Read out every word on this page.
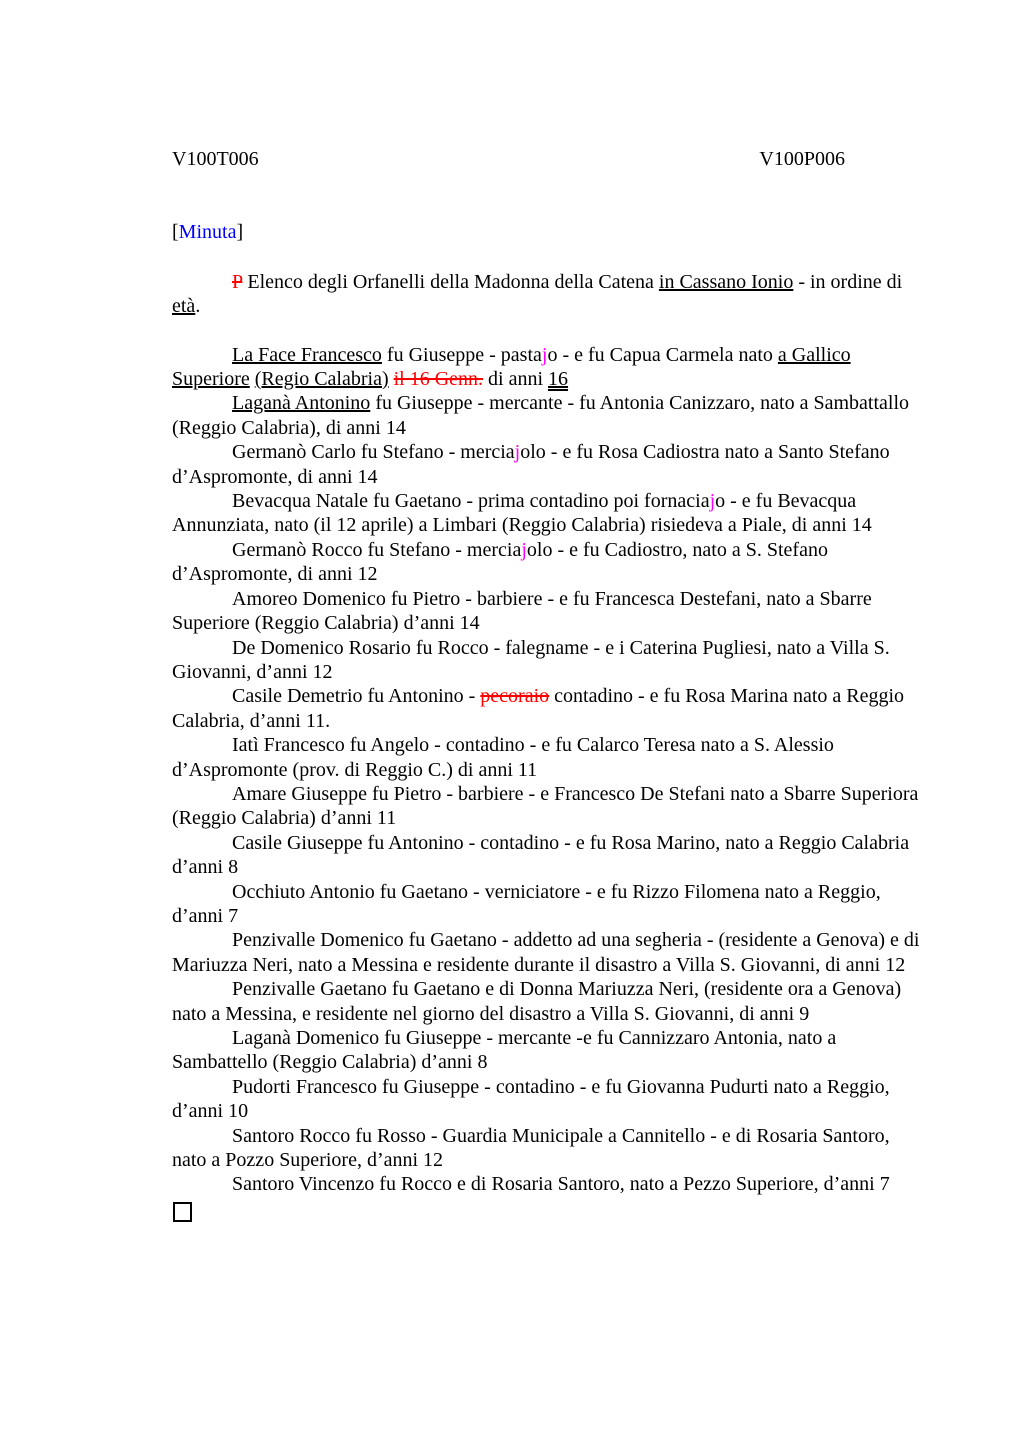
V100T006	V100P006

[Minuta]

P Elenco degli Orfanelli della Madonna della Catena in Cassano Ionio - in ordine di età.

La Face Francesco fu Giuseppe - pastajo - e fu Capua Carmela nato a Gallico Superiore (Regio Calabria) il 16 Genn. di anni 16

Laganà Antonino fu Giuseppe - mercante - fu Antonia Canizzaro, nato a Sambattallo (Reggio Calabria), di anni 14

Germanò Carlo fu Stefano - merciajolo - e fu Rosa Cadiostra nato a Santo Stefano d’Aspromonte, di anni 14

Bevacqua Natale fu Gaetano - prima contadino poi fornaciajo - e fu Bevacqua Annunziata, nato (il 12 aprile) a Limbari (Reggio Calabria) risiedeva a Piale, di anni 14

Germanò Rocco fu Stefano - merciajolo - e fu Cadiostro, nato a S. Stefano d’Aspromonte, di anni 12

Amoreo Domenico fu Pietro - barbiere - e fu Francesca Destefani, nato a Sbarre Superiore (Reggio Calabria) d’anni 14

De Domenico Rosario fu Rocco - falegname - e i Caterina Pugliesi, nato a Villa S. Giovanni, d’anni 12

Casile Demetrio fu Antonino - pecoraio contadino - e fu Rosa Marina nato a Reggio Calabria, d’anni 11.

Iatì Francesco fu Angelo - contadino - e fu Calarco Teresa nato a S. Alessio d’Aspromonte (prov. di Reggio C.) di anni 11

Amare Giuseppe fu Pietro - barbiere - e Francesco De Stefani nato a Sbarre Superiora (Reggio Calabria) d’anni 11

Casile Giuseppe fu Antonino - contadino - e fu Rosa Marino, nato a Reggio Calabria d’anni 8

Occhiuto Antonio fu Gaetano - verniciatore - e fu Rizzo Filomena nato a Reggio, d’anni 7

Penzivalle Domenico fu Gaetano - addetto ad una segheria - (residente a Genova) e di Mariuzza Neri, nato a Messina e residente durante il disastro a Villa S. Giovanni, di anni 12

Penzivalle Gaetano fu Gaetano e di Donna Mariuzza Neri, (residente ora a Genova) nato a Messina, e residente nel giorno del disastro a Villa S. Giovanni, di anni 9

Laganà Domenico fu Giuseppe - mercante -e fu Cannizzaro Antonia, nato a Sambattello (Reggio Calabria) d’anni 8

Pudorti Francesco fu Giuseppe - contadino - e fu Giovanna Pudurti nato a Reggio, d’anni 10

Santoro Rocco fu Rosso - Guardia Municipale a Cannitello - e di Rosaria Santoro, nato a Pozzo Superiore, d’anni 12

Santoro Vincenzo fu Rocco e di Rosaria Santoro, nato a Pezzo Superiore, d’anni 7
